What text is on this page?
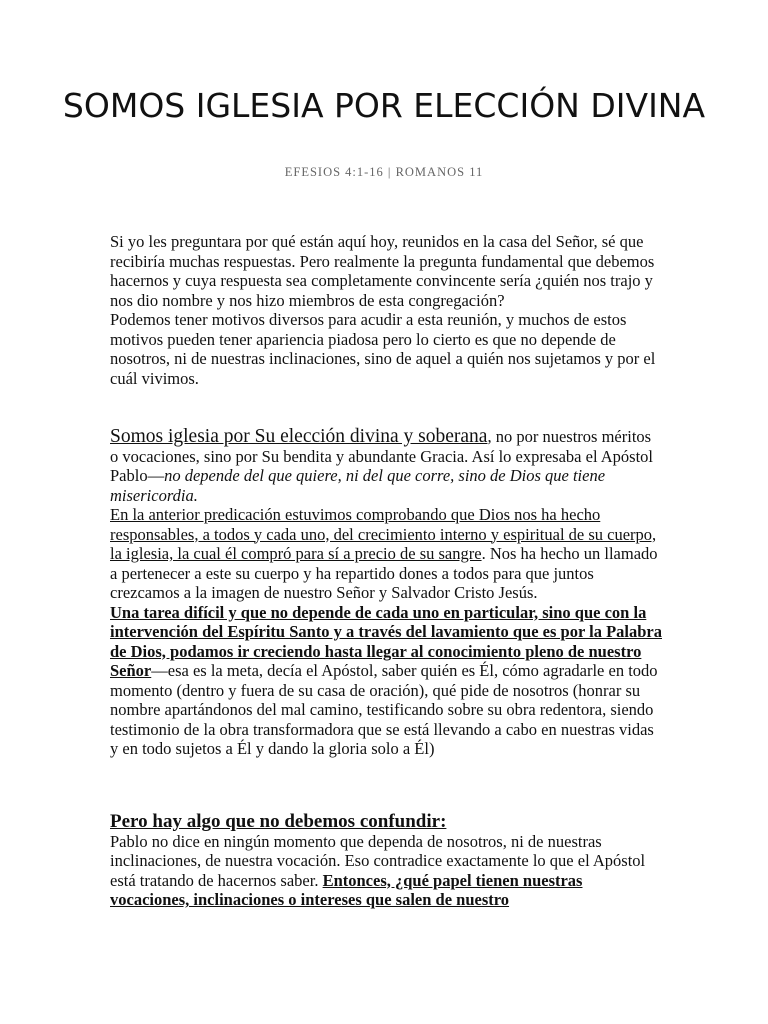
SOMOS IGLESIA POR ELECCIÓN DIVINA
EFESIOS 4:1-16 | ROMANOS 11

Si yo les preguntara por qué están aquí hoy, reunidos en la casa del Señor, sé que recibiría muchas respuestas. Pero realmente la pregunta fundamental que debemos hacernos y cuya respuesta sea completamente convincente sería ¿quién nos trajo y nos dio nombre y nos hizo miembros de esta congregación?

Podemos tener motivos diversos para acudir a esta reunión, y muchos de estos motivos pueden tener apariencia piadosa pero lo cierto es que no depende de nosotros, ni de nuestras inclinaciones, sino de aquel a quién nos sujetamos y por el cuál vivimos.

Somos iglesia por Su elección divina y soberana, no por nuestros méritos o vocaciones, sino por Su bendita y abundante Gracia. Así lo expresaba el Apóstol Pablo—no depende del que quiere, ni del que corre, sino de Dios que tiene misericordia.

En la anterior predicación estuvimos comprobando que Dios nos ha hecho responsables, a todos y cada uno, del crecimiento interno y espiritual de su cuerpo, la iglesia, la cual él compró para sí a precio de su sangre. Nos ha hecho un llamado a pertenecer a este su cuerpo y ha repartido dones a todos para que juntos crezcamos a la imagen de nuestro Señor y Salvador Cristo Jesús.

Una tarea difícil y que no depende de cada uno en particular, sino que con la intervención del Espíritu Santo y a través del lavamiento que es por la Palabra de Dios, podamos ir creciendo hasta llegar al conocimiento pleno de nuestro Señor—esa es la meta, decía el Apóstol, saber quién es Él, cómo agradarle en todo momento (dentro y fuera de su casa de oración), qué pide de nosotros (honrar su nombre apartándonos del mal camino, testificando sobre su obra redentora, siendo testimonio de la obra transformadora que se está llevando a cabo en nuestras vidas y en todo sujetos a Él y dando la gloria solo a Él)

Pero hay algo que no debemos confundir:

Pablo no dice en ningún momento que dependa de nosotros, ni de nuestras inclinaciones, de nuestra vocación. Eso contradice exactamente lo que el Apóstol está tratando de hacernos saber. Entonces, ¿qué papel tienen nuestras vocaciones, inclinaciones o intereses que salen de nuestro
